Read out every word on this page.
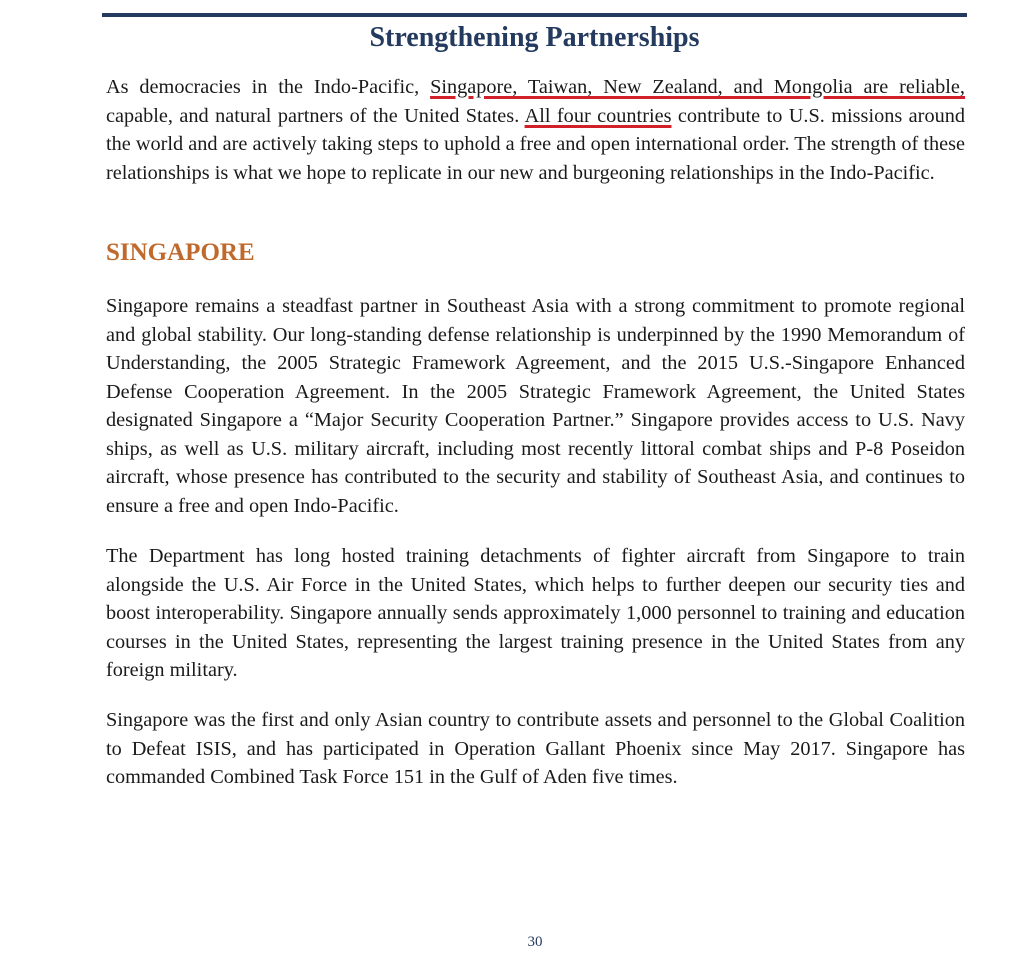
Strengthening Partnerships

As democracies in the Indo-Pacific, Singapore, Taiwan, New Zealand, and Mongolia are reliable, capable, and natural partners of the United States. All four countries contribute to U.S. missions around the world and are actively taking steps to uphold a free and open international order. The strength of these relationships is what we hope to replicate in our new and burgeoning relationships in the Indo-Pacific.

SINGAPORE

Singapore remains a steadfast partner in Southeast Asia with a strong commitment to promote regional and global stability. Our long-standing defense relationship is underpinned by the 1990 Memorandum of Understanding, the 2005 Strategic Framework Agreement, and the 2015 U.S.-Singapore Enhanced Defense Cooperation Agreement. In the 2005 Strategic Framework Agreement, the United States designated Singapore a “Major Security Cooperation Partner.” Singapore provides access to U.S. Navy ships, as well as U.S. military aircraft, including most recently littoral combat ships and P-8 Poseidon aircraft, whose presence has contributed to the security and stability of Southeast Asia, and continues to ensure a free and open Indo-Pacific.

The Department has long hosted training detachments of fighter aircraft from Singapore to train alongside the U.S. Air Force in the United States, which helps to further deepen our security ties and boost interoperability. Singapore annually sends approximately 1,000 personnel to training and education courses in the United States, representing the largest training presence in the United States from any foreign military.

Singapore was the first and only Asian country to contribute assets and personnel to the Global Coalition to Defeat ISIS, and has participated in Operation Gallant Phoenix since May 2017. Singapore has commanded Combined Task Force 151 in the Gulf of Aden five times.

30
